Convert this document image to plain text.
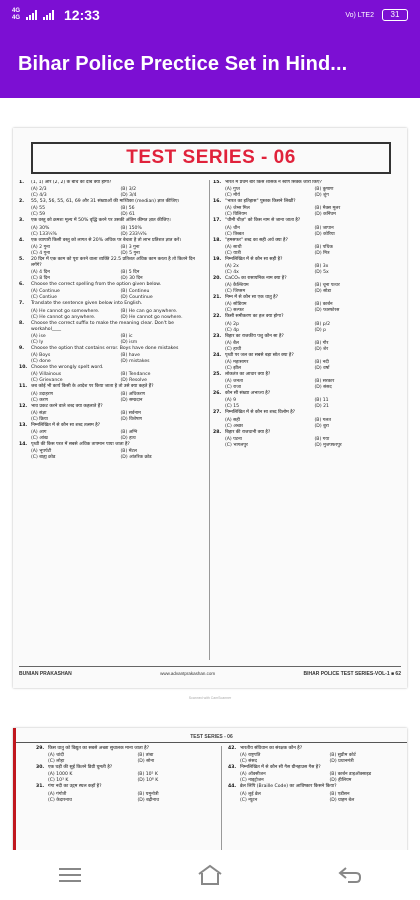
4G
4G	12:33	Vo) LTE2	31
Bihar Police Prectice Set in Hind...
TEST SERIES - 06
1.	(1, 1) और (2, 2) के बीच का दाब क्या होगा?
(A) 2/3	(B) 3/2
(C) 4/3	(D) 3/4
2.	55, 53, 56, 55, 61, 69 और 31 संख्याओं की माध्यिका (median) ज्ञात कीजिए।
(A) 55	(B) 56
(C) 59	(D) 61
3.	एक वस्तु को क्रमशः मूल्य में 50% वृद्धि करने पर उसकी अंतिम कीमत ज्ञात कीजिए।
(A) 30%	(B) 150%
(C) 133⅓%	(D) 233⅓%
4.	एक व्यापारी किसी वस्तु को लागत से 20% अधिक पर बेचता है तो लाभ प्रतिशत ज्ञात करें।
(A) 2 गुना	(B) 3 गुना
(C) 4 गुना	(D) 5 गुना
5.	20 दिन में एक काम को पूरा करने वाला व्यक्ति 22.5 प्रतिशत अधिक काम करता है तो कितने दिन लगेंगे?
(A) 4 दिन	(B) 5 दिन
(C) 8 दिन	(D) 30 दिन
6.	Choose the correct spelling from the option given below.
(A) Continue	(B) Contineu
(C) Contiue	(D) Countinue
7.	Translate the sentence given below into English.
(A) He cannot go somewhere.	(B) He can go anywhere.
(C) He cannot go anywhere.	(D) He cannot go nowhere.
8.	Choose the correct suffix to make the meaning clear. Don't be workahol____
(A) ise	(B) ic
(C) ly	(D) ism
9.	Choose the option that contains error. Boys have done mistakes
(A) Boys	(B) have
(C) done	(D) mistakes
10. Choose the wrongly spelt word.
(A) Villainous	(B) Tendance
(C) Grievance	(D) Resolve
11. जब कोई भी कार्य किसी के आदेश पर किया जाता है तो उसे क्या कहते हैं?
(A) उदाहरण	(B) अधिकरण
(C) करण	(D) सम्प्रदान
12. भाव प्रकट करने वाले शब्द क्या कहलाते हैं?
(A) संज्ञा	(B) सर्वनाम
(C) क्रिया	(D) विशेषण
13. निम्नलिखित में से कौन सा शब्द तत्सम है?
(A) आग	(B) अग्नि
(C) आंख	(D) हाथ
14. पृथ्वी की किस परत में सबसे अधिक तापमान पाया जाता है?
(A) भूपर्पटी	(B) मेंटल
(C) बाह्य क्रोड	(D) आंतरिक क्रोड
15. भारत में प्रथम बार किस शासक ने स्वर्ण सिक्के जारी किए?
(A) गुप्त	(B) कुषाण
(C) मौर्य	(D) शुंग
16. "भारत का इतिहास" पुस्तक किसने लिखी?
(A) जेम्स मिल	(B) मैक्स मूलर
(C) विलियम	(D) कनिंघम
17. "थीमी चीज़" को किस नाम से जाना जाता है?
(A) चीन	(B) जापान
(C) तिब्बत	(D) कोरिया
18. "हमसफर" शब्द का सही अर्थ क्या है?
(A) साथी	(B) पथिक
(C) यात्री	(D) मित्र
19. निम्नलिखित में से कौन सा सही है?
(A) 2x	(B) 3x
(C) 4x	(D) 5x
20. CaCO₃ का रासायनिक नाम क्या है?
(A) कैल्शियम	(B) चूना पत्थर
(C) जिप्सम	(D) सोडा
21. निम्न में से कौन सा एक धातु है?
(A) सोडियम	(B) कार्बन
(C) सल्फर	(D) फास्फोरस
22. किसी समीकरण का हल क्या होगा?
(A) 2p	(B) p/2
(C) 4p	(D) p
23. बिहार का राजकीय पशु कौन सा है?
(A) बैल	(B) गौर
(C) हाथी	(D) शेर
24. पृथ्वी पर जल का सबसे बड़ा स्रोत क्या है?
(A) महासागर	(B) नदी
(C) झील	(D) वर्षा
25. लोकतंत्र का आधार क्या है?
(A) जनता	(B) सरकार
(C) राजा	(D) संसद
26. कौन सी संख्या अभाज्य है?
(A) 9	(B) 11
(C) 15	(D) 21
27. निम्नलिखित में से कौन सा शब्द विलोम है?
(A) सही	(B) गलत
(C) अच्छा	(D) बुरा
28. बिहार की राजधानी क्या है?
(A) पटना	(B) गया
(C) भागलपुर	(D) मुजफ्फरपुर
BUNIAN PRAKASHAN	www.advantprakashan.com	BIHAR POLICE TEST SERIES-VOL-1 ■ 62
Scanned with CamScanner
TEST SERIES - 06
29. किस धातु को विद्युत का सबसे अच्छा सुचालक माना जाता है?
(A) चांदी	(B) तांबा
(C) लोहा	(D) सोना
30. एक घड़ी की सुई कितने डिग्री घूमती है?
(A) 1000 K	(B) 10⁵ K
(C) 10³ K	(D) 10⁸ K
31. गंगा नदी का उद्गम स्थल कहाँ है?
(A) गंगोत्री	(B) यमुनोत्री
(C) केदारनाथ	(D) बद्रीनाथ
42. भारतीय संविधान का संरक्षक कौन है?
(A) राष्ट्रपति	(B) सुप्रीम कोर्ट
(C) संसद	(D) प्रधानमंत्री
43. निम्नलिखित में से कौन सी गैस ग्रीनहाउस गैस है?
(A) ऑक्सीजन	(B) कार्बन डाइऑक्साइड
(C) नाइट्रोजन	(D) हीलियम
44. ब्रेल लिपि (Braille Code) का आविष्कार किसने किया?
(A) लुई ब्रेल	(B) एडीसन
(C) न्यूटन	(D) ग्राहम बेल
